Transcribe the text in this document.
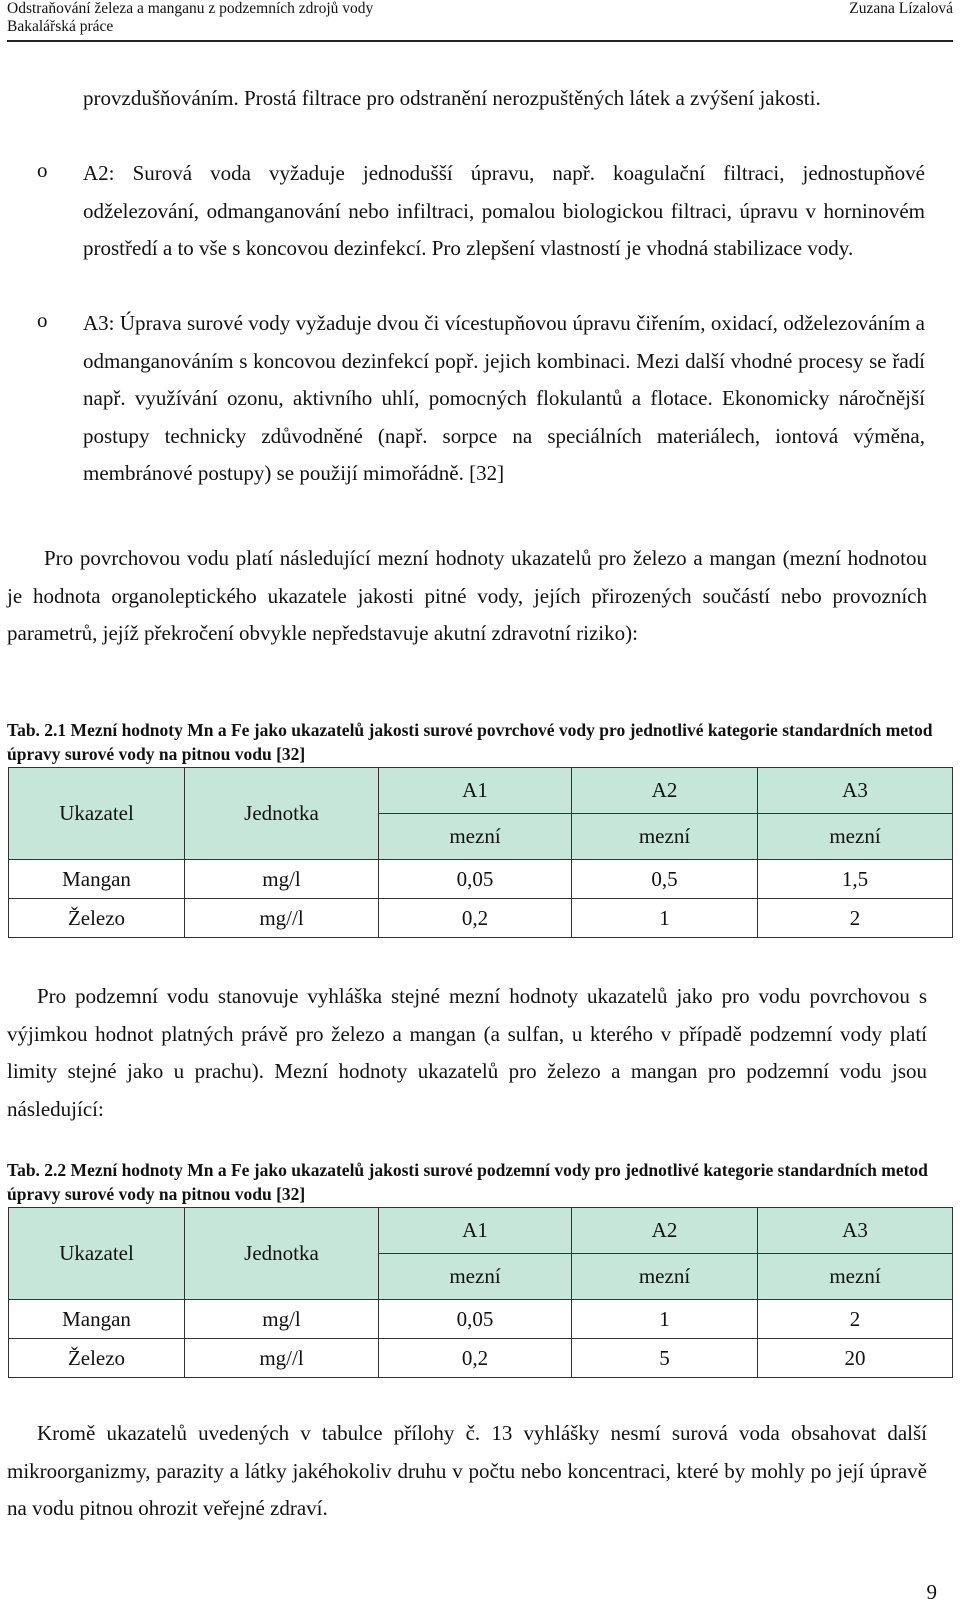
Odstraňování železa a manganu z podzemních zdrojů vody
Bakalářská práce
Zuzana Lízalová

provzdušňováním. Prostá filtrace pro odstranění nerozpuštěných látek a zvýšení jakosti.

o A2: Surová voda vyžaduje jednodušší úpravu, např. koagulační filtraci, jednostupňové odželezování, odmanganování nebo infiltraci, pomalou biologickou filtraci, úpravu v horninovém prostředí a to vše s koncovou dezinfekcí. Pro zlepšení vlastností je vhodná stabilizace vody.

o A3: Úprava surové vody vyžaduje dvou či vícestupňovou úpravu čiřením, oxidací, odželezováním a odmanganováním s koncovou dezinfekcí popř. jejich kombinaci. Mezi další vhodné procesy se řadí např. využívání ozonu, aktivního uhlí, pomocných flokulantů a flotace. Ekonomicky náročnější postupy technicky zdůvodněné (např. sorpce na speciálních materiálech, iontová výměna, membránové postupy) se použijí mimořádně. [32]

Pro povrchovou vodu platí následující mezní hodnoty ukazatelů pro železo a mangan (mezní hodnotou je hodnota organoleptického ukazatele jakosti pitné vody, jejích přirozených součástí nebo provozních parametrů, jejíž překročení obvykle nepředstavuje akutní zdravotní riziko):

Tab. 2.1 Mezní hodnoty Mn a Fe jako ukazatelů jakosti surové povrchové vody pro jednotlivé kategorie standardních metod úpravy surové vody na pitnou vodu [32]
Ukazatel	Jednotka	A1	A2	A3
		mezní	mezní	mezní
Mangan	mg/l	0,05	0,5	1,5
Železo	mg//l	0,2	1	2

Pro podzemní vodu stanovuje vyhláška stejné mezní hodnoty ukazatelů jako pro vodu povrchovou s výjimkou hodnot platných právě pro železo a mangan (a sulfan, u kterého v případě podzemní vody platí limity stejné jako u prachu). Mezní hodnoty ukazatelů pro železo a mangan pro podzemní vodu jsou následující:

Tab. 2.2 Mezní hodnoty Mn a Fe jako ukazatelů jakosti surové podzemní vody pro jednotlivé kategorie standardních metod úpravy surové vody na pitnou vodu [32]
Ukazatel	Jednotka	A1	A2	A3
		mezní	mezní	mezní
Mangan	mg/l	0,05	1	2
Železo	mg//l	0,2	5	20

Kromě ukazatelů uvedených v tabulce přílohy č. 13 vyhlášky nesmí surová voda obsahovat další mikroorganizmy, parazity a látky jakéhokoliv druhu v počtu nebo koncentraci, které by mohly po její úpravě na vodu pitnou ohrozit veřejné zdraví.

9
